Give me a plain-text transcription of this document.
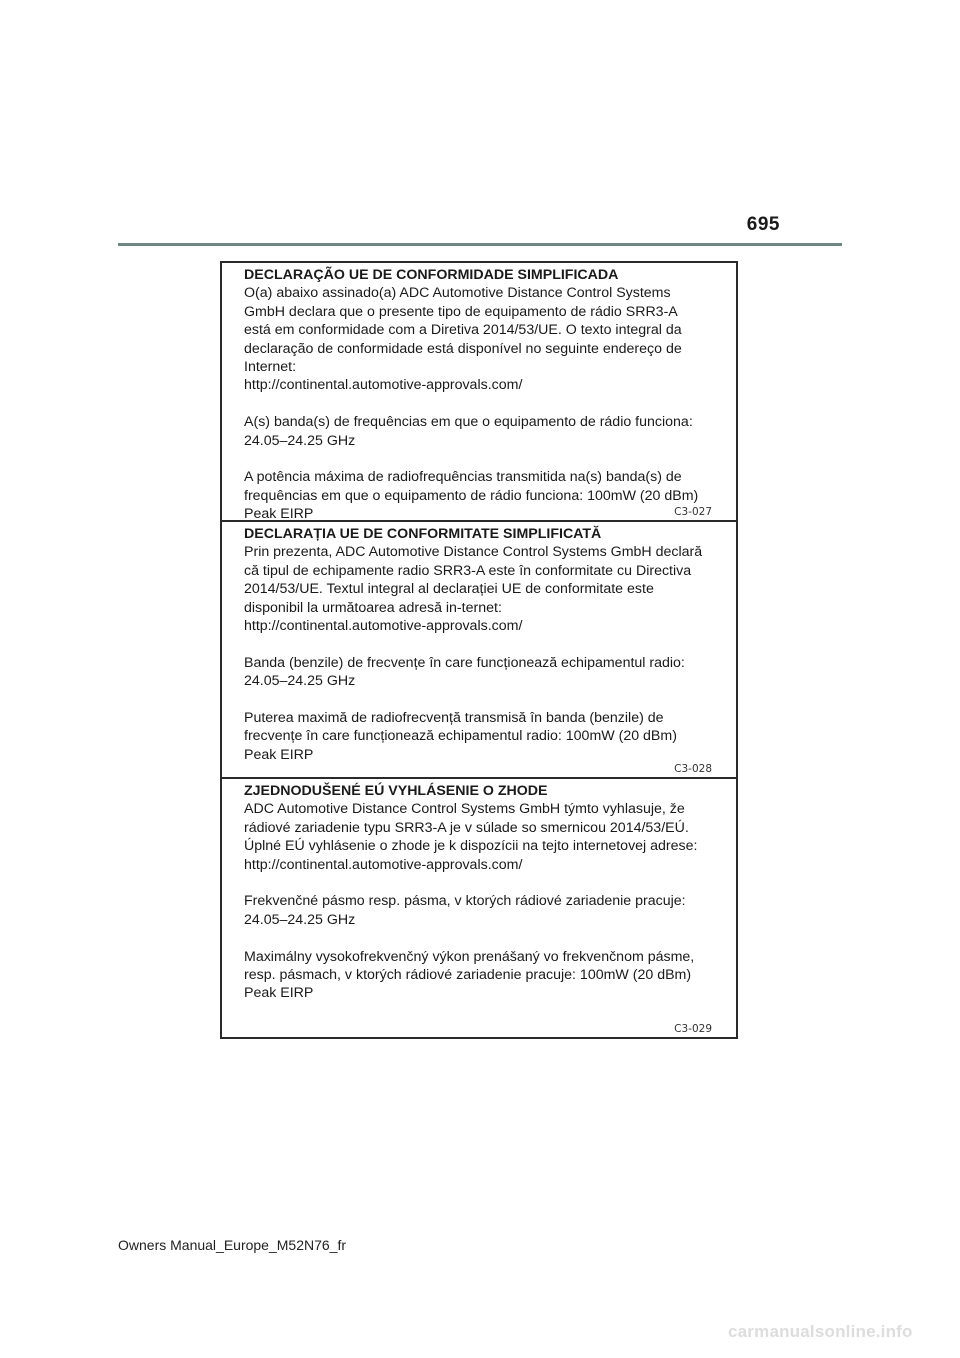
695
DECLARAÇÃO UE DE CONFORMIDADE SIMPLIFICADA

O(a) abaixo assinado(a) ADC Automotive Distance Control Systems
GmbH declara que o presente tipo de equipamento de rádio SRR3-A
está em conformidade com a Diretiva 2014/53/UE. O texto integral da
declaração de conformidade está disponível no seguinte endereço de
Internet:
http://continental.automotive-approvals.com/

A(s) banda(s) de frequências em que o equipamento de rádio funciona:
24.05–24.25 GHz

A potência máxima de radiofrequências transmitida na(s) banda(s) de
frequências em que o equipamento de rádio funciona: 100mW (20 dBm)
Peak EIRP	C3-027
DECLARAȚIA UE DE CONFORMITATE SIMPLIFICATĂ

Prin prezenta, ADC Automotive Distance Control Systems GmbH declară
că tipul de echipamente radio SRR3-A este în conformitate cu Directiva
2014/53/UE. Textul integral al declarației UE de conformitate este
disponibil la următoarea adresă in-ternet:
http://continental.automotive-approvals.com/

Banda (benzile) de frecvențe în care funcționează echipamentul radio:
24.05–24.25 GHz

Puterea maximă de radiofrecvență transmisă în banda (benzile) de
frecvențe în care funcționează echipamentul radio: 100mW (20 dBm)
Peak EIRP

C3-028
ZJEDNODUŠENÉ EÚ VYHLÁSENIE O ZHODE

ADC Automotive Distance Control Systems GmbH týmto vyhlasuje, že
rádiové zariadenie typu SRR3-A je v súlade so smernicou 2014/53/EÚ.
Úplné EÚ vyhlásenie o zhode je k dispozícii na tejto internetovej adrese:
http://continental.automotive-approvals.com/

Frekvenčné pásmo resp. pásma, v ktorých rádiové zariadenie pracuje:
24.05–24.25 GHz

Maximálny vysokofrekvenčný výkon prenášaný vo frekvenčnom pásme,
resp. pásmach, v ktorých rádiové zariadenie pracuje: 100mW (20 dBm)
Peak EIRP

C3-029
Owners Manual_Europe_M52N76_fr
carmanualsonline.info
